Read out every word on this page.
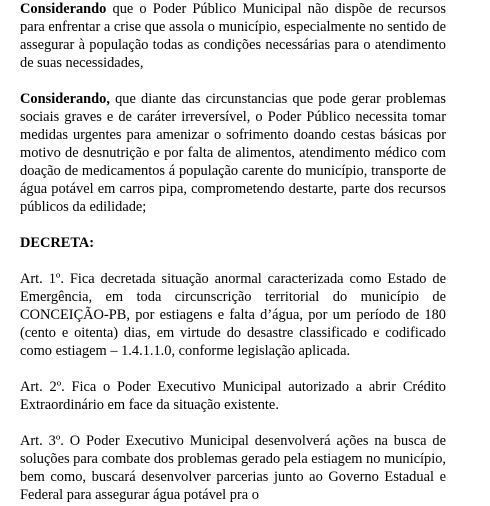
Considerando que o Poder Público Municipal não dispõe de recursos para enfrentar a crise que assola o município, especialmente no sentido de assegurar à população todas as condições necessárias para o atendimento de suas necessidades,

Considerando, que diante das circunstancias que pode gerar problemas sociais graves e de caráter irreversível, o Poder Público necessita tomar medidas urgentes para amenizar o sofrimento doando cestas básicas por motivo de desnutrição e por falta de alimentos, atendimento médico com doação de medicamentos á população carente do município, transporte de água potável em carros pipa, comprometendo destarte, parte dos recursos públicos da edilidade;

DECRETA:

Art. 1º. Fica decretada situação anormal caracterizada como Estado de Emergência, em toda circunscrição territorial do município de CONCEIÇÃO-PB, por estiagens e falta d’água, por um período de 180 (cento e oitenta) dias, em virtude do desastre classificado e codificado como estiagem – 1.4.1.1.0, conforme legislação aplicada.

Art. 2º. Fica o Poder Executivo Municipal autorizado a abrir Crédito Extraordinário em face da situação existente.

Art. 3º. O Poder Executivo Municipal desenvolverá ações na busca de soluções para combate dos problemas gerado pela estiagem no município, bem como, buscará desenvolver parcerias junto ao Governo Estadual e Federal para assegurar água potável pra o
